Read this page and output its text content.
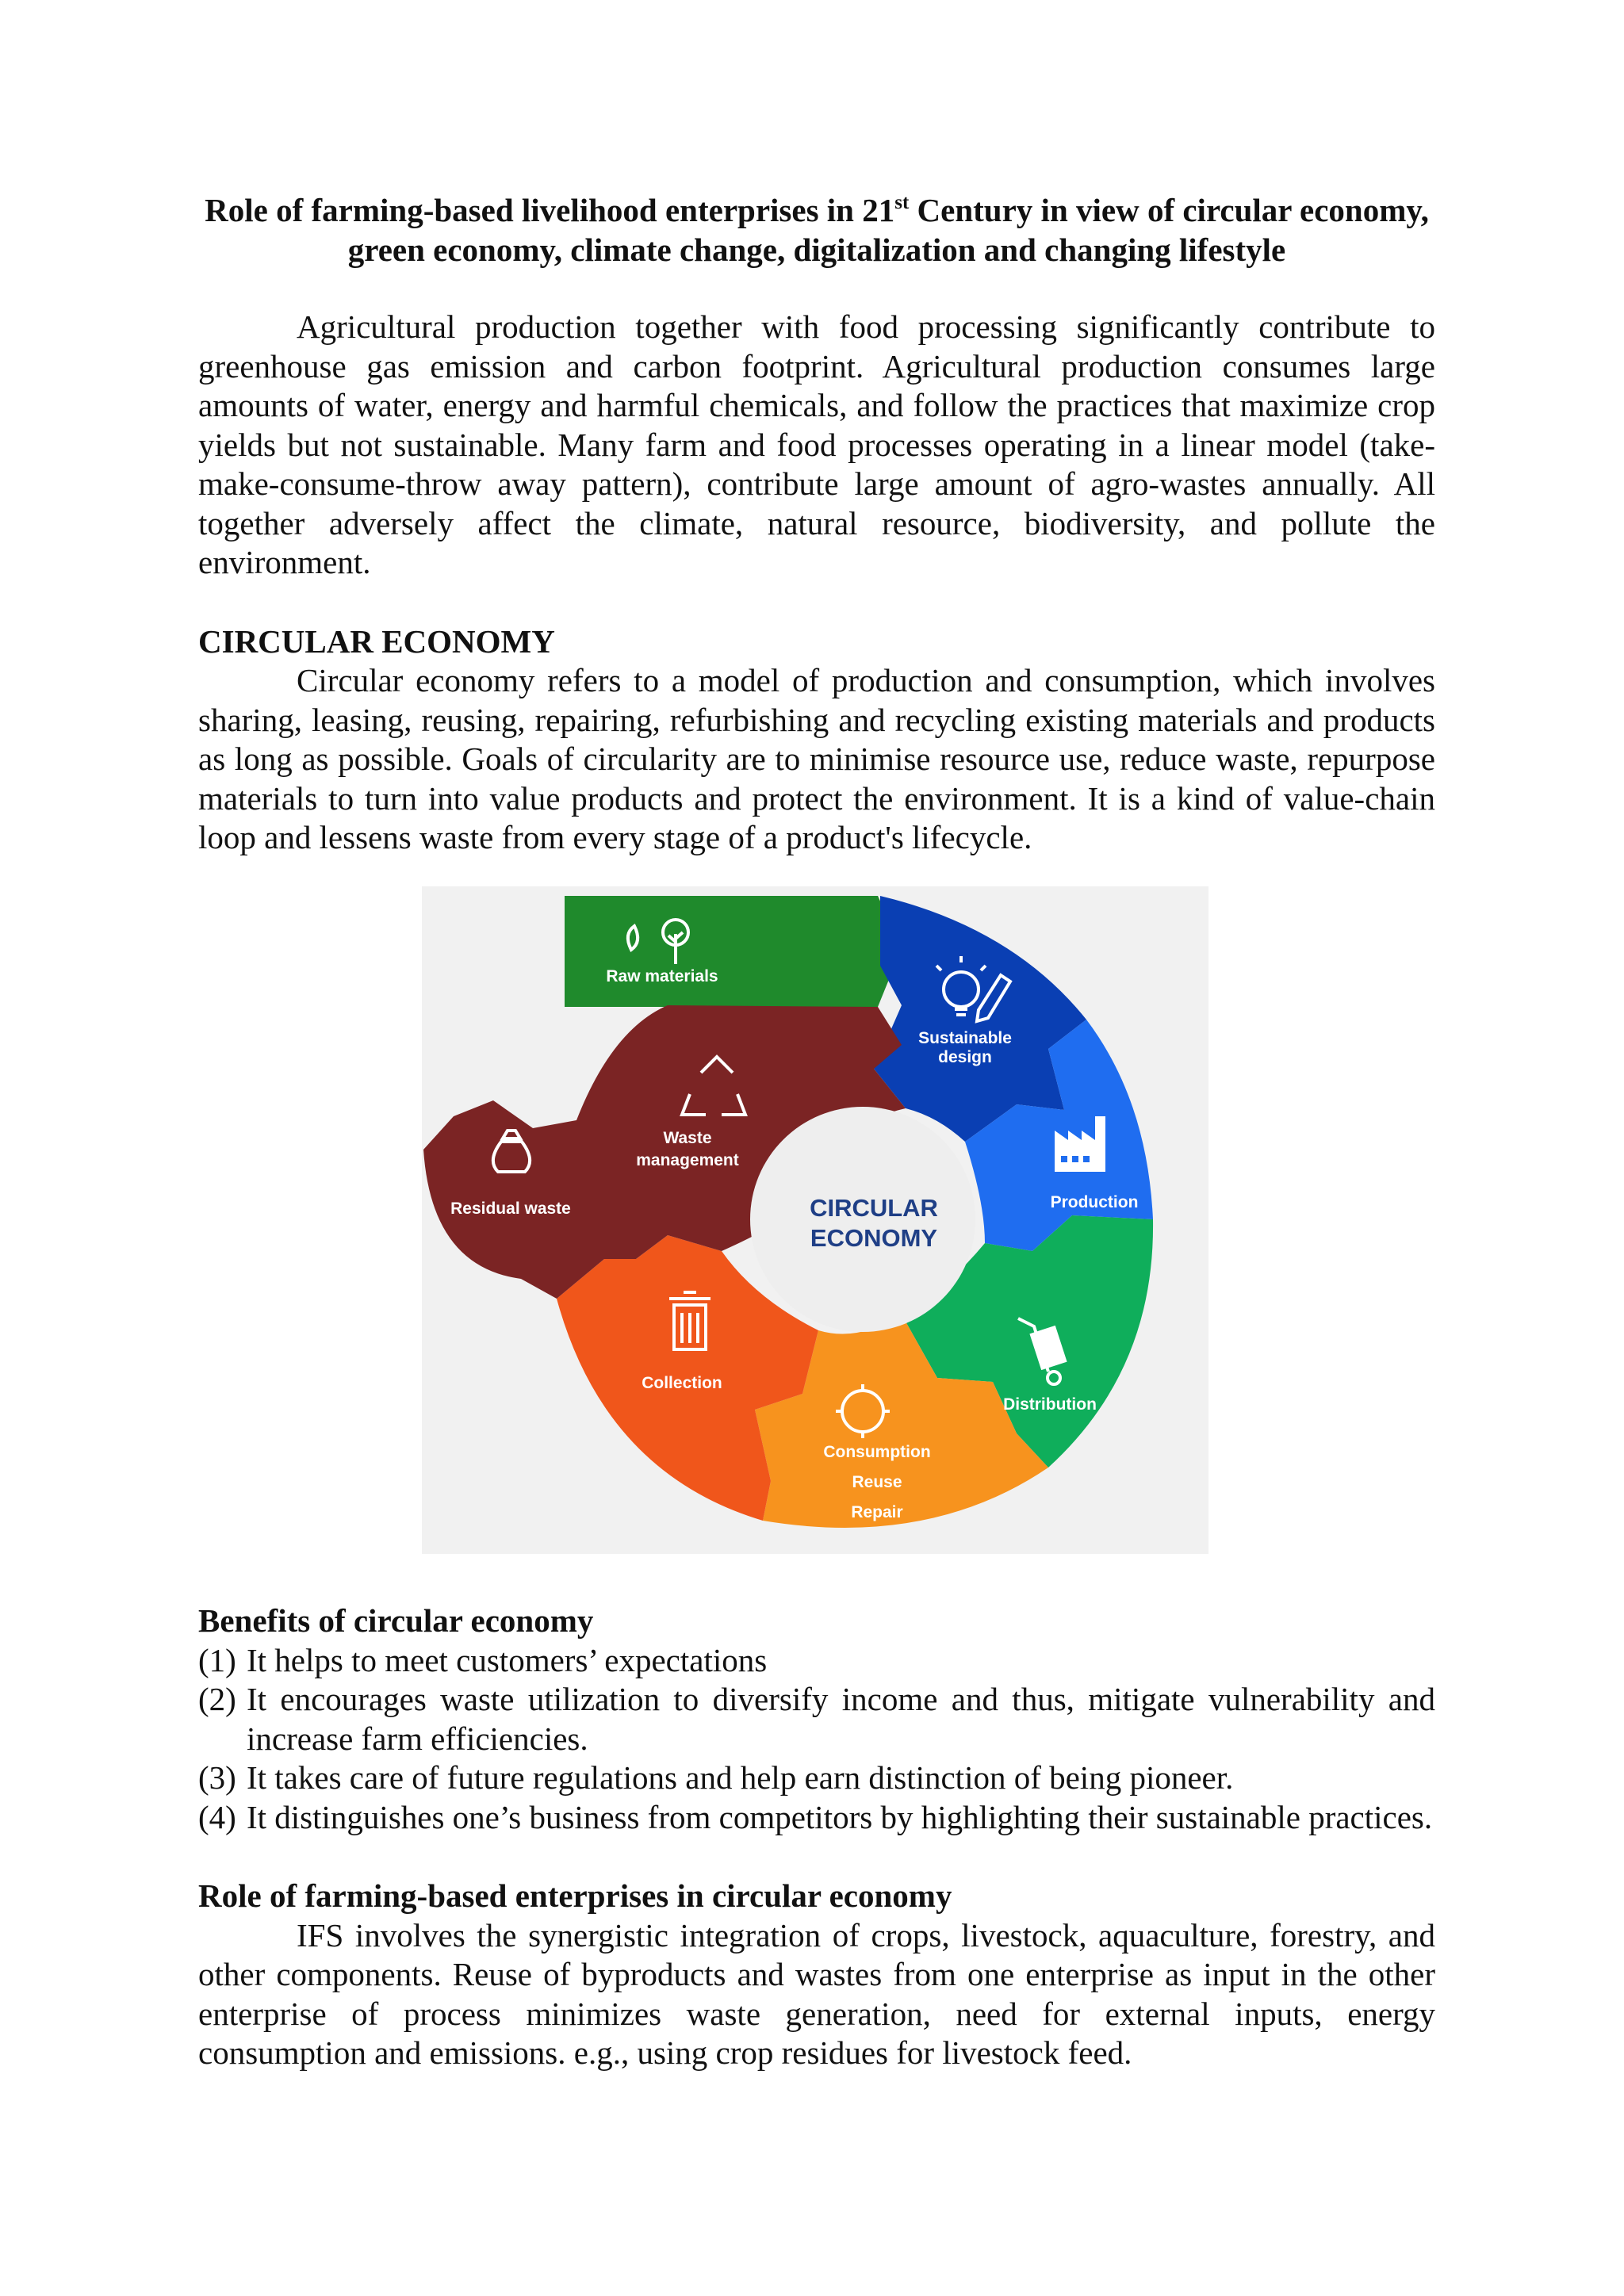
Role of farming-based livelihood enterprises in 21st Century in view of circular economy, green economy, climate change, digitalization and changing lifestyle

Agricultural production together with food processing significantly contribute to greenhouse gas emission and carbon footprint. Agricultural production consumes large amounts of water, energy and harmful chemicals, and follow the practices that maximize crop yields but not sustainable. Many farm and food processes operating in a linear model (take-make-consume-throw away pattern), contribute large amount of agro-wastes annually. All together adversely affect the climate, natural resource, biodiversity, and pollute the environment.

CIRCULAR ECONOMY

Circular economy refers to a model of production and consumption, which involves sharing, leasing, reusing, repairing, refurbishing and recycling existing materials and products as long as possible. Goals of circularity are to minimise resource use, reduce waste, repurpose materials to turn into value products and protect the environment. It is a kind of value-chain loop and lessens waste from every stage of a product's lifecycle.

Benefits of circular economy
(1) It helps to meet customers’ expectations
(2) It encourages waste utilization to diversify income and thus, mitigate vulnerability and increase farm efficiencies.
(3) It takes care of future regulations and help earn distinction of being pioneer.
(4) It distinguishes one’s business from competitors by highlighting their sustainable practices.
Role of farming-based enterprises in circular economy

IFS involves the synergistic integration of crops, livestock, aquaculture, forestry, and other components. Reuse of byproducts and wastes from one enterprise as input in the other enterprise of process minimizes waste generation, need for external inputs, energy consumption and emissions. e.g., using crop residues for livestock feed.

Raw materials
Sustainable
design
Production
Distribution
Consumption
Reuse
Repair
Collection
Waste
management
Residual waste	CIRCULAR
ECONOMY
